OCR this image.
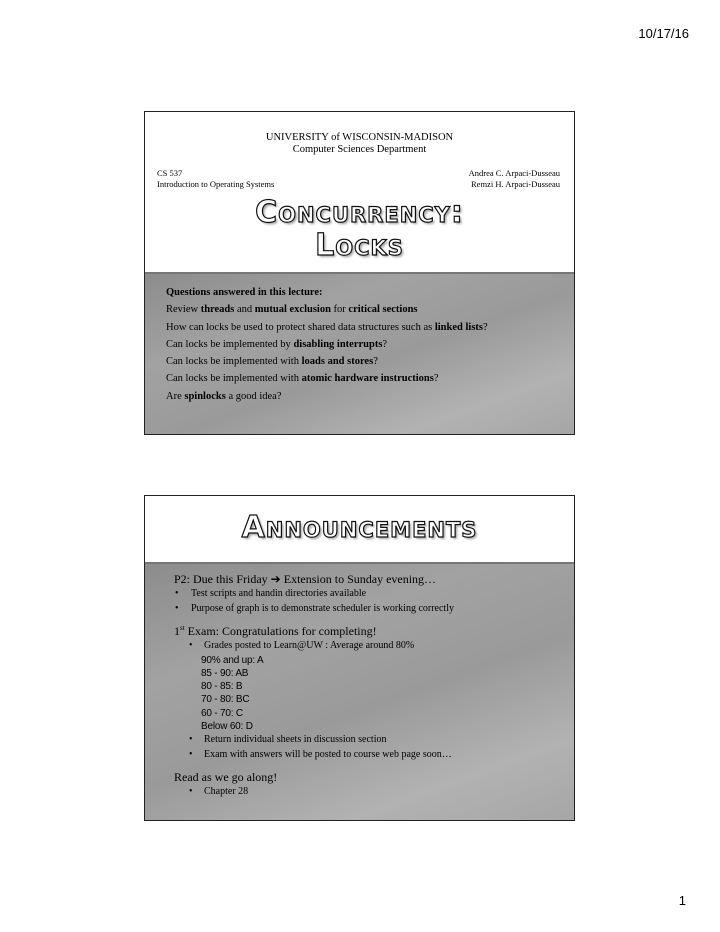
10/17/16
UNIVERSITY of WISCONSIN-MADISON
Computer Sciences Department
CS 537
Introduction to Operating Systems
Andrea C. Arpaci-Dusseau
Remzi H. Arpaci-Dusseau
Concurrency:
Locks
Questions answered in this lecture:
Review threads and mutual exclusion for critical sections
How can locks be used to protect shared data structures such as linked lists?
Can locks be implemented by disabling interrupts?
Can locks be implemented with loads and stores?
Can locks be implemented with atomic hardware instructions?
Are spinlocks a good idea?
Announcements
P2: Due this Friday ➔ Extension to Sunday evening…
• Test scripts and handin directories available
• Purpose of graph is to demonstrate scheduler is working correctly
1st Exam: Congratulations for completing!
• Grades posted to Learn@UW : Average around 80%
90% and up: A
85 - 90: AB
80 - 85: B
70 - 80: BC
60 - 70: C
Below 60: D
• Return individual sheets in discussion section
• Exam with answers will be posted to course web page soon…
Read as we go along!
• Chapter 28
1
